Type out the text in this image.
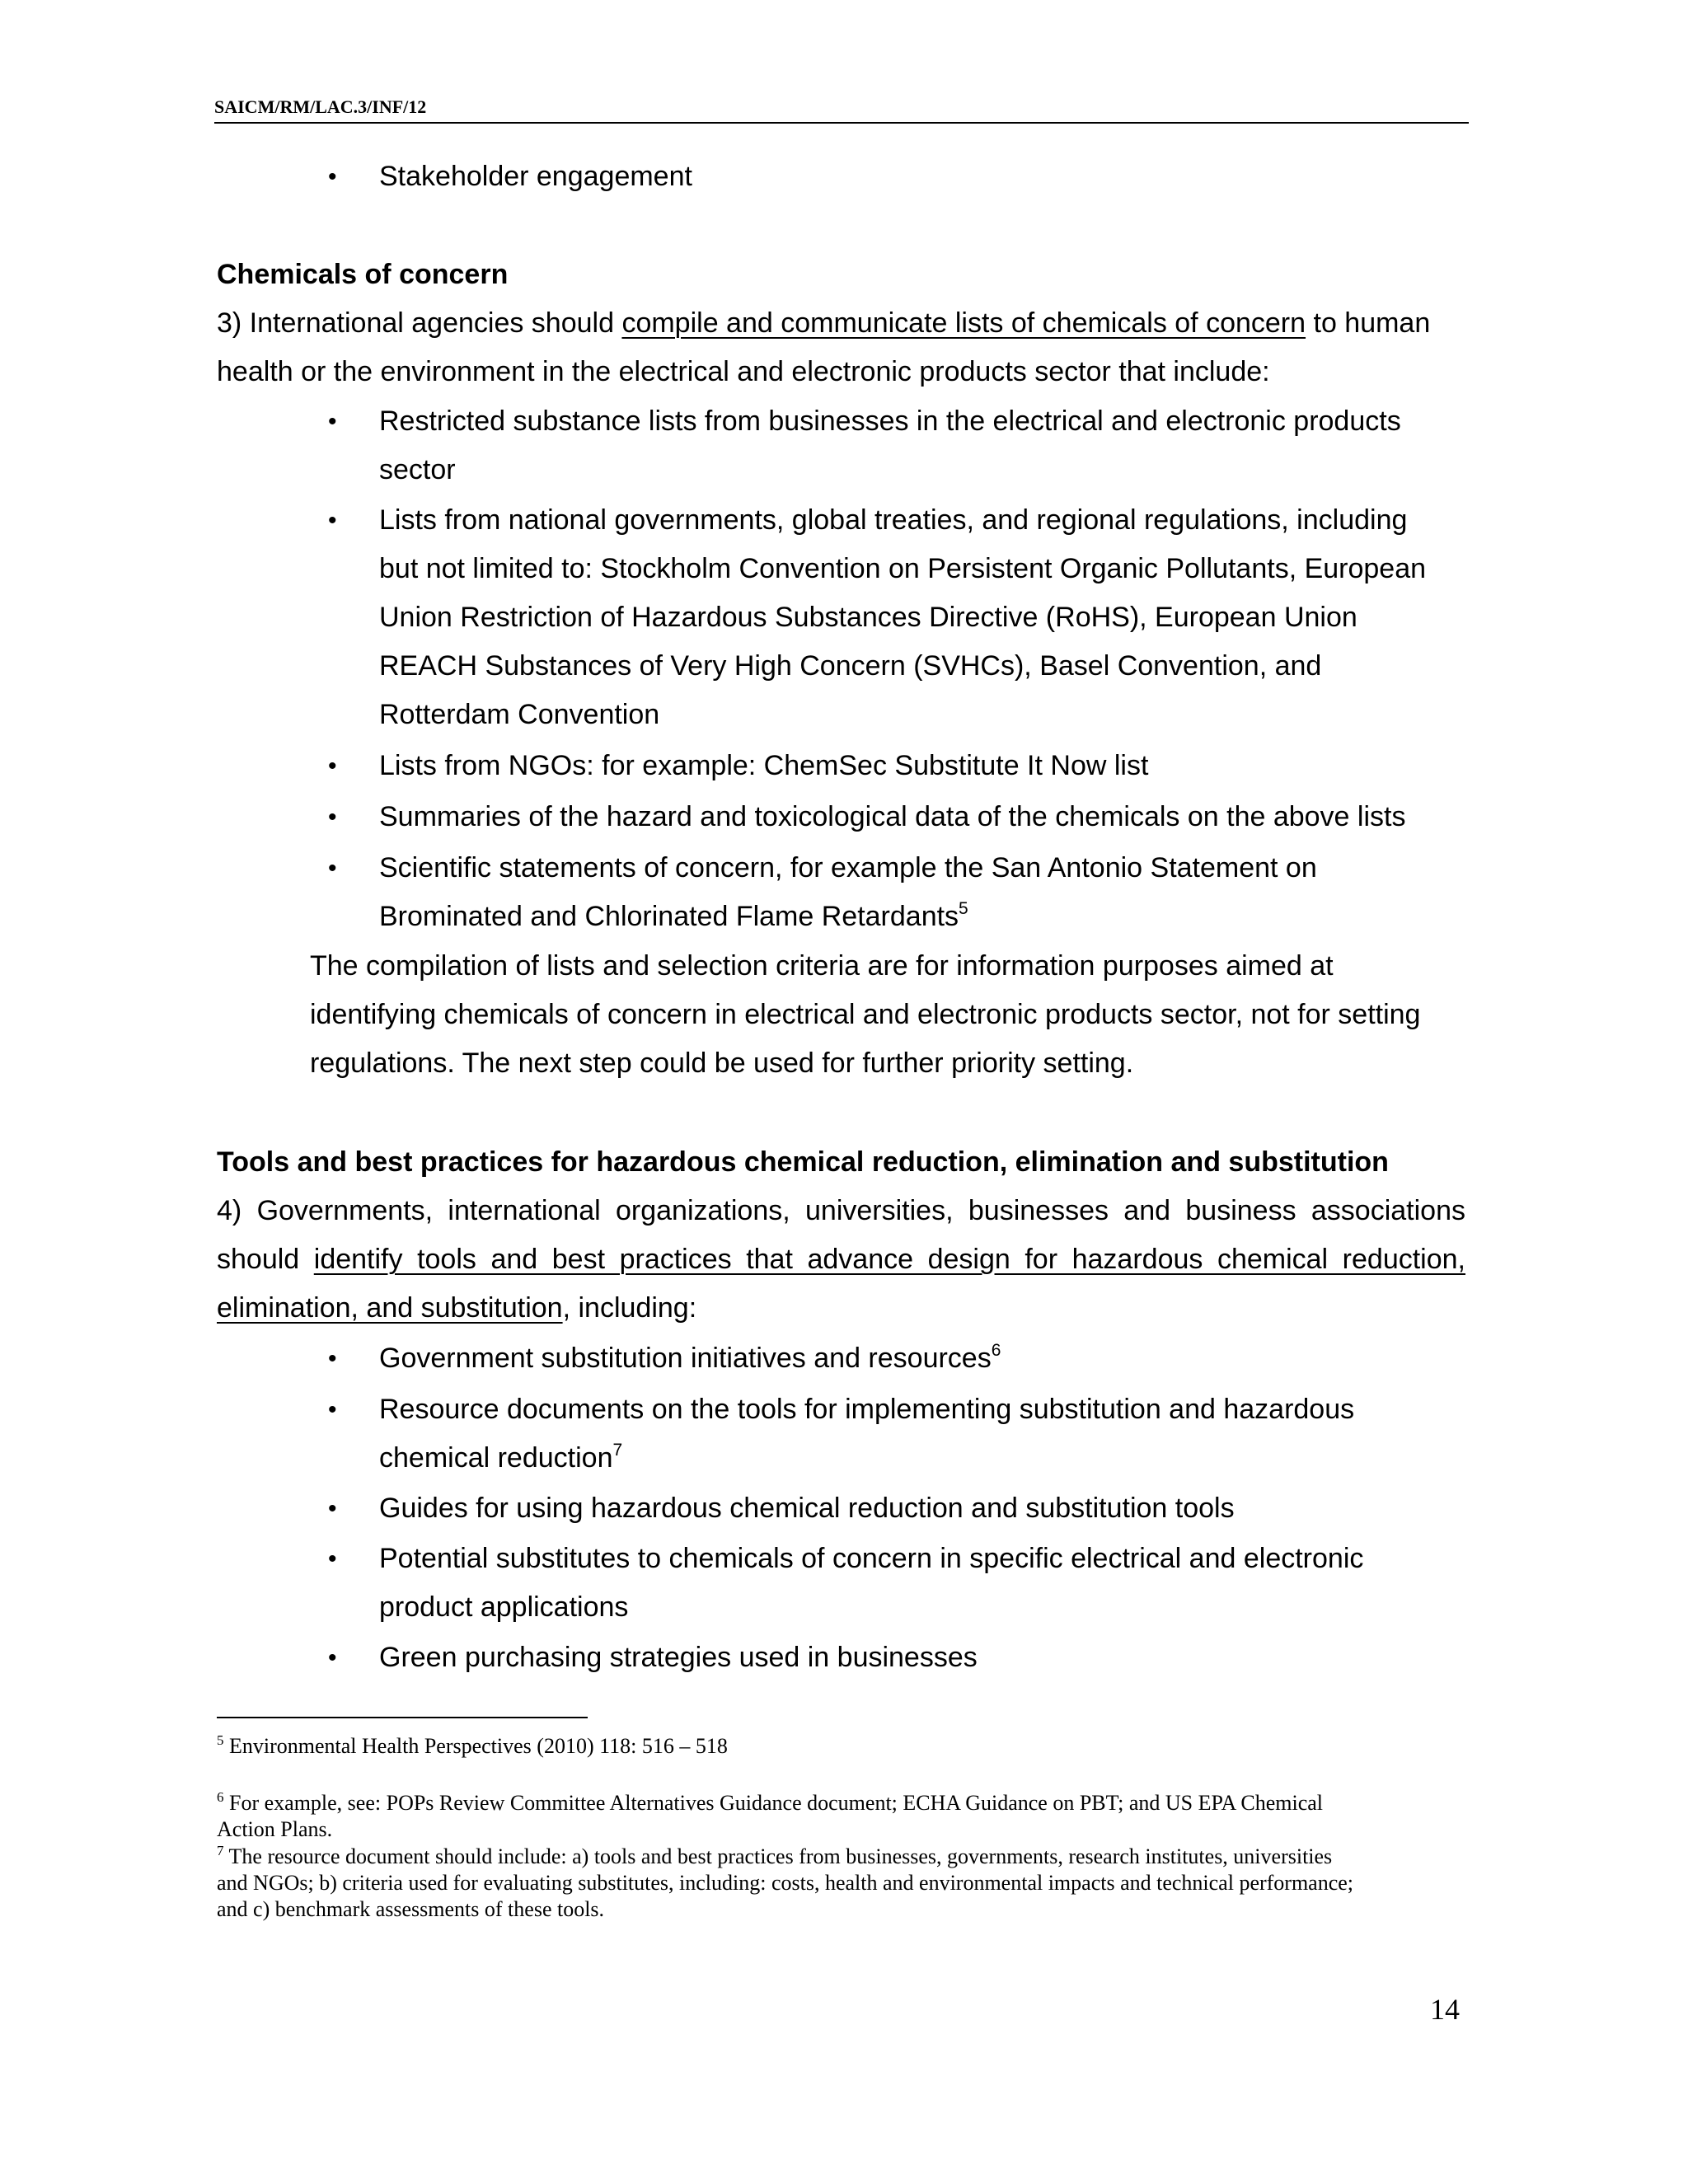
SAICM/RM/LAC.3/INF/12
• Stakeholder engagement
Chemicals of concern
3) International agencies should compile and communicate lists of chemicals of concern to human
health or the environment in the electrical and electronic products sector that include:
• Restricted substance lists from businesses in the electrical and electronic products
sector
• Lists from national governments, global treaties, and regional regulations, including
but not limited to: Stockholm Convention on Persistent Organic Pollutants, European
Union Restriction of Hazardous Substances Directive (RoHS), European Union
REACH Substances of Very High Concern (SVHCs), Basel Convention, and
Rotterdam Convention
• Lists from NGOs: for example: ChemSec Substitute It Now list
• Summaries of the hazard and toxicological data of the chemicals on the above lists
• Scientific statements of concern, for example the San Antonio Statement on
Brominated and Chlorinated Flame Retardants$^5$
The compilation of lists and selection criteria are for information purposes aimed at
identifying chemicals of concern in electrical and electronic products sector, not for setting
regulations. The next step could be used for further priority setting.
Tools and best practices for hazardous chemical reduction, elimination and substitution
4) Governments, international organizations, universities, businesses and business associations
should identify tools and best practices that advance design for hazardous chemical reduction,
elimination, and substitution, including:
• Government substitution initiatives and resources$^6$
• Resource documents on the tools for implementing substitution and hazardous
chemical reduction$^7$
• Guides for using hazardous chemical reduction and substitution tools
• Potential substitutes to chemicals of concern in specific electrical and electronic
product applications
• Green purchasing strategies used in businesses
$^5$ Environmental Health Perspectives (2010) 118: 516 – 518
$^6$ For example, see: POPs Review Committee Alternatives Guidance document; ECHA Guidance on PBT; and US EPA Chemical
Action Plans.
$^7$ The resource document should include: a) tools and best practices from businesses, governments, research institutes, universities
and NGOs; b) criteria used for evaluating substitutes, including: costs, health and environmental impacts and technical performance;
and c) benchmark assessments of these tools.
14
